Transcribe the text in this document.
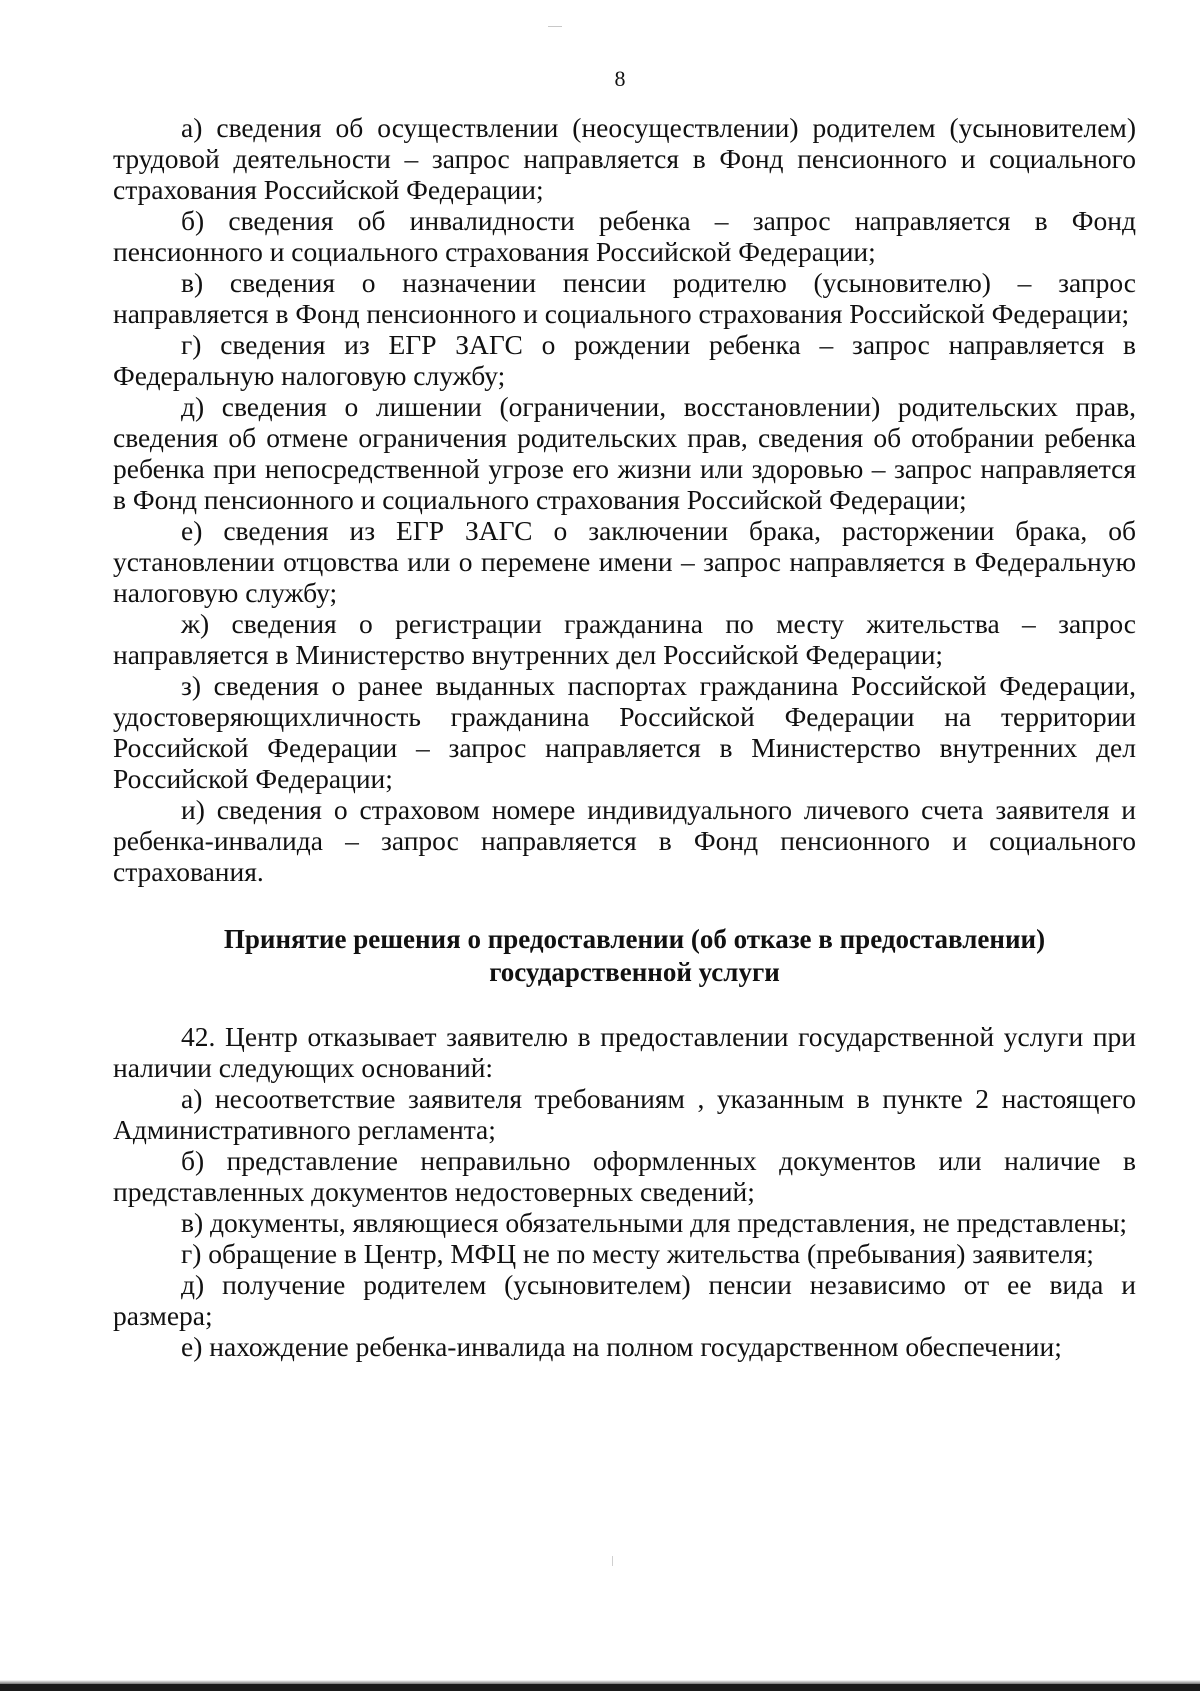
8

а) сведения об осуществлении (неосуществлении) родителем (усыновителем) трудовой деятельности – запрос направляется в Фонд пенсионного и социального страхования Российской Федерации;

б) сведения об инвалидности ребенка – запрос направляется в Фонд пенсионного и социального страхования Российской Федерации;

в) сведения о назначении пенсии родителю (усыновителю) – запрос направляется в Фонд пенсионного и социального страхования Российской Федерации;

г) сведения из ЕГР ЗАГС о рождении ребенка – запрос направляется в Федеральную налоговую службу;

д) сведения о лишении (ограничении, восстановлении) родительских прав, сведения об отмене ограничения родительских прав, сведения об отобрании ребенка ребенка при непосредственной угрозе его жизни или здоровью – запрос направляется в Фонд пенсионного и социального страхования Российской Федерации;

е) сведения из ЕГР ЗАГС о заключении брака, расторжении брака, об установлении отцовства или о перемене имени – запрос направляется в Федеральную налоговую службу;

ж) сведения о регистрации гражданина по месту жительства – запрос направляется в Министерство внутренних дел Российской Федерации;

з) сведения о ранее выданных паспортах гражданина Российской Федерации, удостоверяющихличность гражданина Российской Федерации на территории Российской Федерации – запрос направляется в Министерство внутренних дел Российской Федерации;

и) сведения о страховом номере индивидуального личевого счета заявителя и ребенка-инвалида – запрос направляется в Фонд пенсионного и социального страхования.

Принятие решения о предоставлении (об отказе в предоставлении)
государственной услуги

42. Центр отказывает заявителю в предоставлении государственной услуги при наличии следующих оснований:

а) несоответствие заявителя требованиям , указанным в пункте 2 настоящего Административного регламента;

б) представление неправильно оформленных документов или наличие в представленных документов недостоверных сведений;

в) документы, являющиеся обязательными для представления, не представлены;

г) обращение в Центр, МФЦ не по месту жительства (пребывания) заявителя;

д) получение родителем (усыновителем) пенсии независимо от ее вида и размера;

е) нахождение ребенка-инвалида на полном государственном обеспечении;
